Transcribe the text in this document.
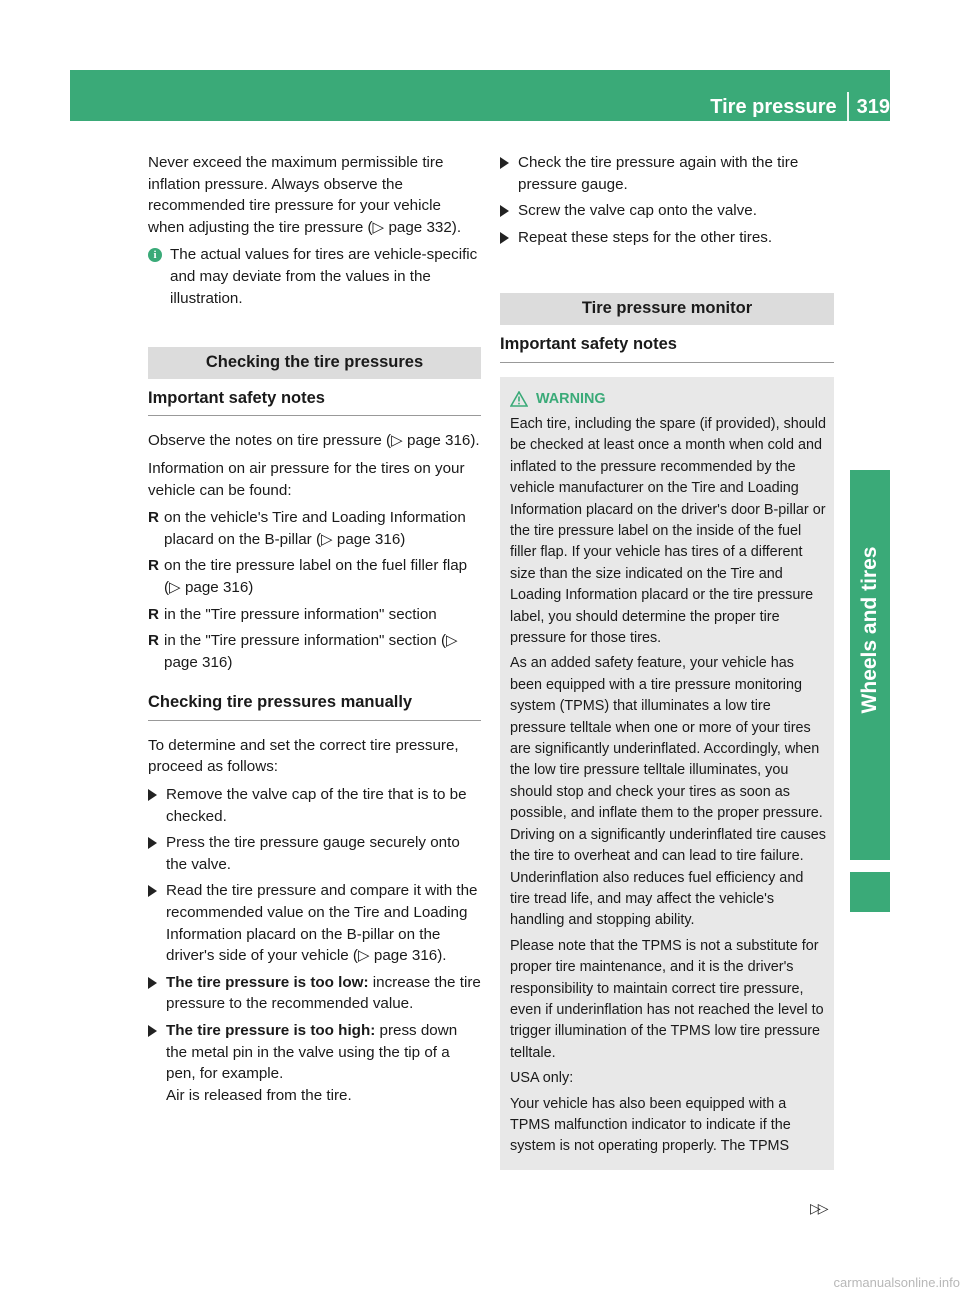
Tire pressure 319
Wheels and tires

Never exceed the maximum permissible tire inflation pressure. Always observe the recommended tire pressure for your vehicle when adjusting the tire pressure (▷ page 332).

i The actual values for tires are vehicle-specific and may deviate from the values in the illustration.
Checking the tire pressures
Important safety notes

Observe the notes on tire pressure (▷ page 316).

Information on air pressure for the tires on your vehicle can be found:

R on the vehicle's Tire and Loading Information placard on the B-pillar (▷ page 316)
R on the tire pressure label on the fuel filler flap (▷ page 316)
R in the "Tire pressure information" section
R in the "Tire pressure information" section (▷ page 316)
Checking tire pressures manually

To determine and set the correct tire pressure, proceed as follows:

Remove the valve cap of the tire that is to be checked.
Press the tire pressure gauge securely onto the valve.
Read the tire pressure and compare it with the recommended value on the Tire and Loading Information placard on the B-pillar on the driver's side of your vehicle (▷ page 316).
The tire pressure is too low: increase the tire pressure to the recommended value.
The tire pressure is too high: press down the metal pin in the valve using the tip of a pen, for example.
Air is released from the tire.
Check the tire pressure again with the tire pressure gauge.
Screw the valve cap onto the valve.
Repeat these steps for the other tires.
Tire pressure monitor
Important safety notes
WARNING

Each tire, including the spare (if provided), should be checked at least once a month when cold and inflated to the pressure recommended by the vehicle manufacturer on the Tire and Loading Information placard on the driver's door B-pillar or the tire pressure label on the inside of the fuel filler flap. If your vehicle has tires of a different size than the size indicated on the Tire and Loading Information placard or the tire pressure label, you should determine the proper tire pressure for those tires.

As an added safety feature, your vehicle has been equipped with a tire pressure monitoring system (TPMS) that illuminates a low tire pressure telltale when one or more of your tires are significantly underinflated. Accordingly, when the low tire pressure telltale illuminates, you should stop and check your tires as soon as possible, and inflate them to the proper pressure. Driving on a significantly underinflated tire causes the tire to overheat and can lead to tire failure. Underinflation also reduces fuel efficiency and tire tread life, and may affect the vehicle's handling and stopping ability.

Please note that the TPMS is not a substitute for proper tire maintenance, and it is the driver's responsibility to maintain correct tire pressure, even if underinflation has not reached the level to trigger illumination of the TPMS low tire pressure telltale.

USA only:

Your vehicle has also been equipped with a TPMS malfunction indicator to indicate if the system is not operating properly. The TPMS

▷▷
carmanualsonline.info
